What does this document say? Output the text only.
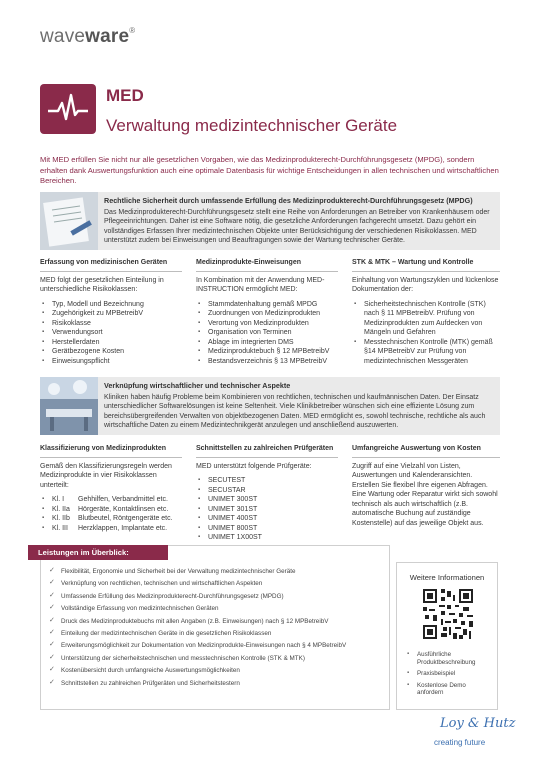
waveware®
MED
Verwaltung medizintechnischer Geräte

Mit MED erfüllen Sie nicht nur alle gesetzlichen Vorgaben, wie das Medizinprodukterecht-Durchführungsgesetz (MPDG), sondern erhalten dank Auswertungsfunktion auch eine optimale Datenbasis für wichtige Entscheidungen in allen technischen und wirtschaftlichen Bereichen.

Rechtliche Sicherheit durch umfassende Erfüllung des Medizinprodukterecht-Durchführungsgesetz (MPDG)
Das Medizinprodukterecht-Durchführungsgesetz stellt eine Reihe von Anforderungen an Betreiber von Krankenhäusern oder Pflegeeinrichtungen. Daher ist eine Software nötig, die gesetzliche Anforderungen fachgerecht umsetzt. Dazu gehört ein vollständiges Erfassen Ihrer medizintechnischen Objekte unter Berücksichtigung der verschiedenen Risikoklassen. MED unterstützt zudem bei Einweisungen und Beauftragungen sowie der Wartung technischer Geräte.
Erfassung von medizinischen Geräten

MED folgt der gesetzlichen Einteilung in unterschiedliche Risikoklassen:

▪ Typ, Modell und Bezeichnung
▪ Zugehörigkeit zu MPBetreibV
▪ Risikoklasse
▪ Verwendungsort
▪ Herstellerdaten
▪ Gerätbezogene Kosten
▪ Einweisungspflicht
Medizinprodukte-Einweisungen

In Kombination mit der Anwendung MED-INSTRUCTION ermöglicht MED:

▪ Stammdatenhaltung gemäß MPDG
▪ Zuordnungen von Medizinprodukten
▪ Verortung von Medizinprodukten
▪ Organisation von Terminen
▪ Ablage im integrierten DMS
▪ Medizinproduktebuch § 12 MPBetreibV
▪ Bestandsverzeichnis § 13 MPBetreibV
STK & MTK – Wartung und Kontrolle

Einhaltung von Wartungszyklen und lückenlose Dokumentation der:

▪ Sicherheitstechnischen Kontrolle (STK) nach § 11 MPBetreibV. Prüfung von Medizinprodukten zum Aufdecken von Mängeln und Gefahren
▪ Messtechnischen Kontrolle (MTK) gemäß §14 MPBetreibV zur Prüfung von medizintechnischen Messgeräten
Verknüpfung wirtschaftlicher und technischer Aspekte
Kliniken haben häufig Probleme beim Kombinieren von rechtlichen, technischen und kaufmännischen Daten. Der Einsatz unterschiedlicher Softwarelösungen ist keine Seltenheit. Viele Klinikbetreiber wünschen sich eine effiziente Lösung zum bereichsübergreifenden Verwalten von objektbezogenen Daten. MED ermöglicht es, sowohl technische, rechtliche als auch wirtschaftliche Daten zu einem Medizintechnikgerät anzulegen und anschließend auszuwerten.
Klassifizierung von Medizinprodukten

Gemäß den Klassifizierungsregeln werden Medizinprodukte in vier Risikoklassen unterteilt:

▪ Kl. I Gehhilfen, Verbandmittel etc.
▪ Kl. IIa Hörgeräte, Kontaktlinsen etc.
▪ Kl. IIb Blutbeutel, Röntgengeräte etc.
▪ Kl. III Herzklappen, Implantate etc.
Schnittstellen zu zahlreichen Prüfgeräten

MED unterstützt folgende Prüfgeräte:

▪ SECUTEST
▪ SECUSTAR
▪ UNIMET 300ST
▪ UNIMET 301ST
▪ UNIMET 400ST
▪ UNIMET 800ST
▪ UNIMET 1X00ST
Umfangreiche Auswertung von Kosten

Zugriff auf eine Vielzahl von Listen, Auswertungen und Kalenderansichten. Erstellen Sie flexibel Ihre eigenen Abfragen. Eine Wartung oder Reparatur wirkt sich sowohl technisch als auch wirtschaftlich (z.B. automatische Buchung auf zuständige Kostenstelle) auf das jeweilige Objekt aus.

✓ Flexibilität, Ergonomie und Sicherheit bei der Verwaltung medizintechnischer Geräte
✓ Verknüpfung von rechtlichen, technischen und wirtschaftlichen Aspekten
✓ Umfassende Erfüllung des Medizinprodukterecht-Durchführungsgesetz (MPDG)
✓ Vollständige Erfassung von medizintechnischen Geräten
✓ Druck des Medizinproduktebuchs mit allen Angaben (z.B. Einweisungen) nach § 12 MPBetreibV
✓ Einteilung der medizintechnischen Geräte in die gesetzlichen Risikoklassen
✓ Erweiterungsmöglichkeit zur Dokumentation von Medizinprodukte-Einweisungen nach § 4 MPBetreibV
✓ Unterstützung der sicherheitstechnischen und messtechnischen Kontrolle (STK & MTK)
✓ Kostenübersicht durch umfangreiche Auswertungsmöglichkeiten
✓ Schnittstellen zu zahlreichen Prüfgeräten und Sicherheitstestern
Leistungen im Überblick:
Weitere Informationen
▪ Ausführliche Produktbeschreibung
▪ Praxisbeispiel
▪ Kostenlose Demo anfordern
Loy & Hutz
creating future
